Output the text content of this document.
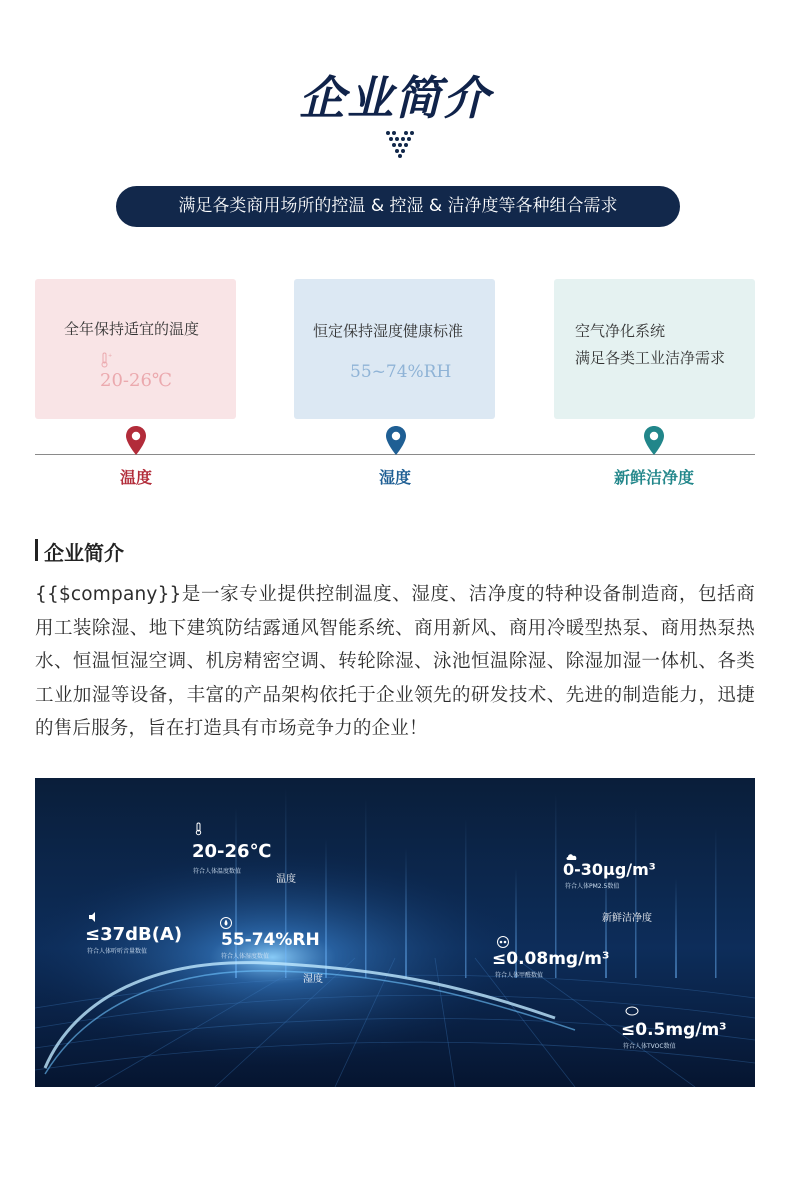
企业简介
满足各类商用场所的控温 & 控湿 & 洁净度等各种组合需求
全年保持适宜的温度
+
20-26℃
恒定保持湿度健康标准
55~74%RH
空气净化系统
满足各类工业洁净需求
温度	湿度	新鲜洁净度
企业简介
{{$company}}是一家专业提供控制温度、湿度、洁净度的特种设备制造商，包括商用工装除湿、地下建筑防结露通风智能系统、商用新风、商用冷暖型热泵、商用热泵热水、恒温恒湿空调、机房精密空调、转轮除湿、泳池恒温除湿、除湿加湿一体机、各类工业加湿等设备，丰富的产品架构依托于企业领先的研发技术、先进的制造能力，迅捷的售后服务，旨在打造具有市场竞争力的企业！
20-26℃
符合人体温度数值
温度
≤37dB(A)
符合人体听听音量数值
55-74%RH
符合人体湿度数值
湿度
0-30μg/m³
符合人体PM2.5数值
新鲜洁净度
≤0.08mg/m³
符合人体甲醛数值
≤0.5mg/m³
符合人体TVOC数值
